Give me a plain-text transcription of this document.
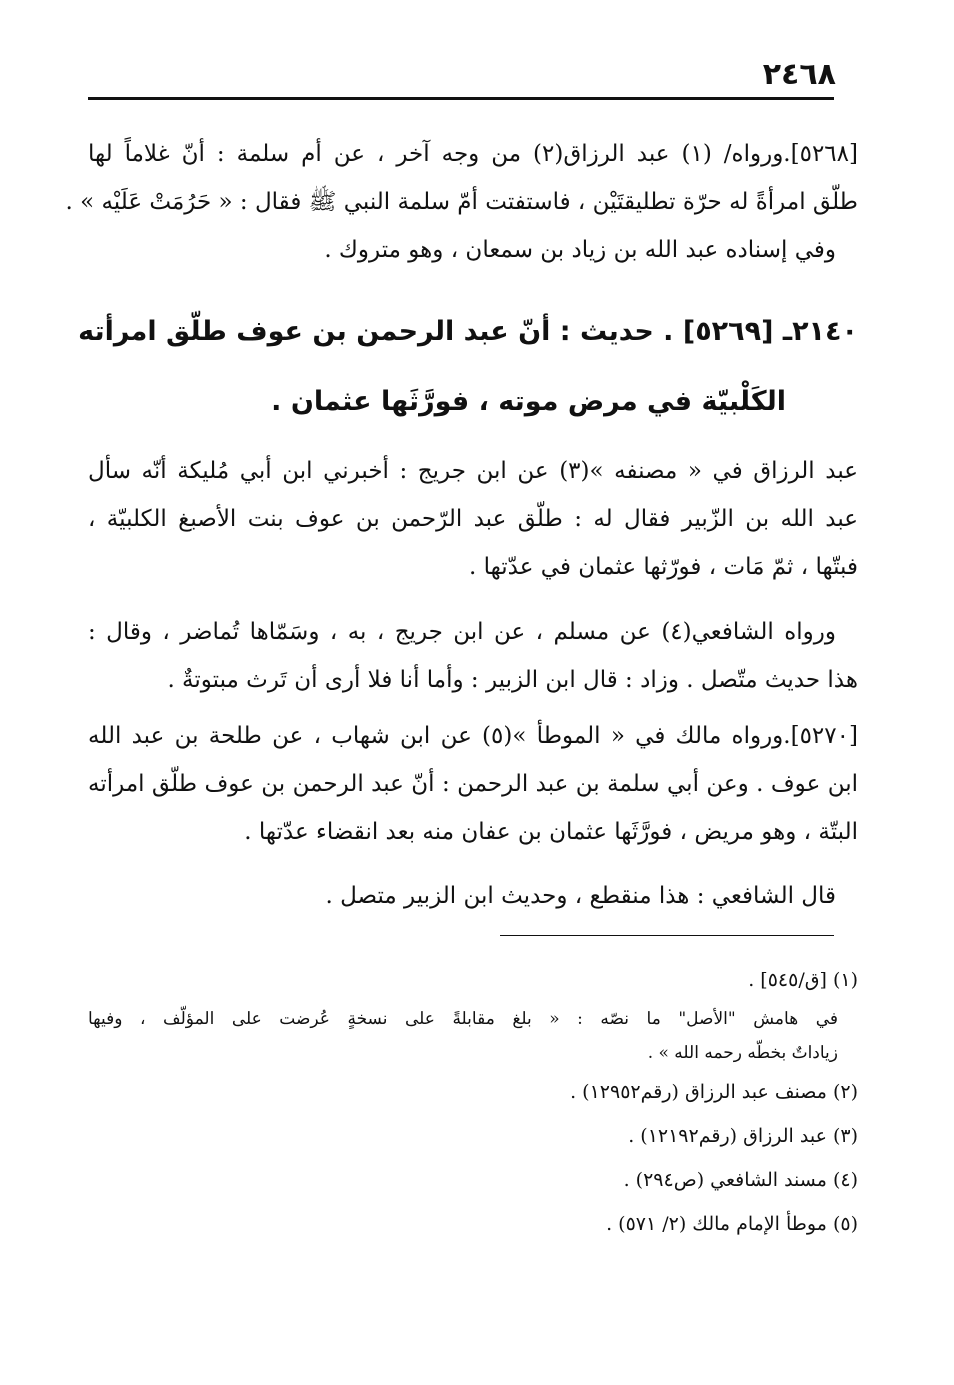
٢٤٦٨
[٥٢٦٨].ورواه/ (١) عبد الرزاق(٢) من وجه آخر ، عن أم سلمة : أنّ غلاماً لها
طلّق امرأةً له حرّة تطليقتَيْن ، فاستفتت أمّ سلمة النبي ﷺ فقال : « حَرُمَتْ عَلَيْه » .
وفي إسناده عبد الله بن زياد بن سمعان ، وهو متروك .
٢١٤٠ـ [٥٢٦٩] . حديث : أنّ عبد الرحمن بن عوف طلّق امرأته
الكَلْبيّة في مرض موته ، فورَّثَها عثمان .
عبد الرزاق في « مصنفه »(٣) عن ابن جريج : أخبرني ابن أبي مُليكة أنّه سأل
عبد الله بن الزّبير فقال له : طلّق عبد الرّحمن بن عوف بنت الأصبغ الكلبيّة ،
فبتّها ، ثمّ مَات ، فورّثها عثمان في عدّتها .
ورواه الشافعي(٤) عن مسلم ، عن ابن جريج ، به ، وسَمّاها تُماضر ، وقال :
هذا حديث متّصل . وزاد : قال ابن الزبير : وأما أنا فلا أرى أن تَرث مبتوتةٌ .
[٥٢٧٠].ورواه مالك في « الموطأ »(٥) عن ابن شهاب ، عن طلحة بن عبد الله
ابن عوف . وعن أبي سلمة بن عبد الرحمن : أنّ عبد الرحمن بن عوف طلّق امرأته
البتّة ، وهو مريض ، فورَّثَها عثمان بن عفان منه بعد انقضاء عدّتها .
قال الشافعي : هذا منقطع ، وحديث ابن الزبير متصل .
(١) [ق/٥٤٥] .
في هامش "الأصل" ما نصّه : « بلغ مقابلةً على نسخةٍ عُرضت على المؤلّف ، وفيها
زياداتٌ بخطّه رحمه الله » .
(٢) مصنف عبد الرزاق (رقم١٢٩٥٢) .
(٣) عبد الرزاق (رقم١٢١٩٢) .
(٤) مسند الشافعي (ص٢٩٤) .
(٥) موطأ الإمام مالك (٢/ ٥٧١) .
